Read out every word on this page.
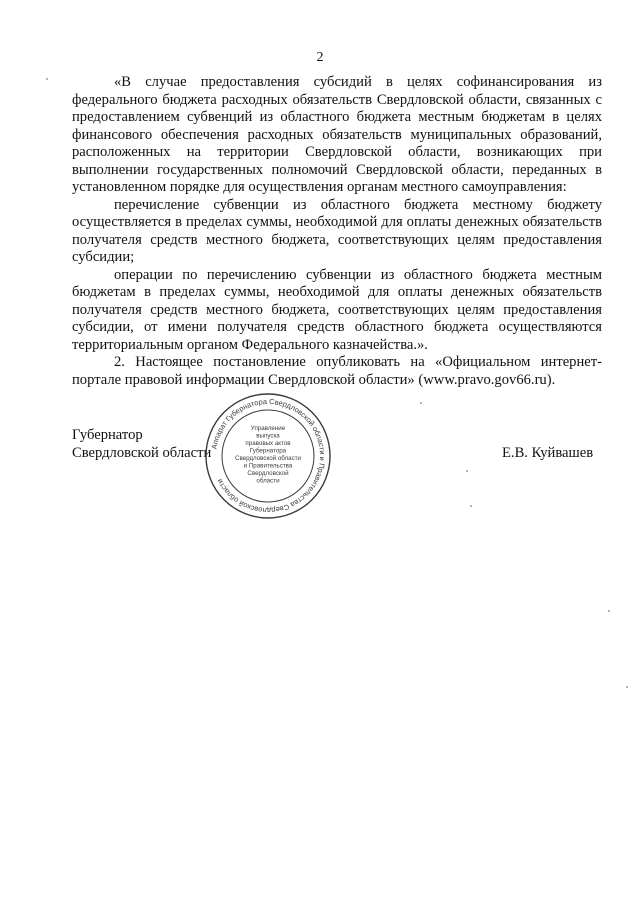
2

«В случае предоставления субсидий в целях софинансирования из федерального бюджета расходных обязательств Свердловской области, связанных с предоставлением субвенций из областного бюджета местным бюджетам в целях финансового обеспечения расходных обязательств муниципальных образований, расположенных на территории Свердловской области, возникающих при выполнении государственных полномочий Свердловской области, переданных в установленном порядке для осуществления органам местного самоуправления:

перечисление субвенции из областного бюджета местному бюджету осуществляется в пределах суммы, необходимой для оплаты денежных обязательств получателя средств местного бюджета, соответствующих целям предоставления субсидии;

операции по перечислению субвенции из областного бюджета местным бюджетам в пределах суммы, необходимой для оплаты денежных обязательств получателя средств местного бюджета, соответствующих целям предоставления субсидии, от имени получателя средств областного бюджета осуществляются территориальным органом Федерального казначейства.».

2. Настоящее постановление опубликовать на «Официальном интернет-портале правовой информации Свердловской области» (www.pravo.gov66.ru).

Губернатор
Свердловской области	Е.В. Куйвашев
Аппарат Губернатора Свердловской области и Правительства Свердловской области
Управление
выпуска
правовых актов
Губернатора
Свердловской области
и Правительства
Свердловской
области
